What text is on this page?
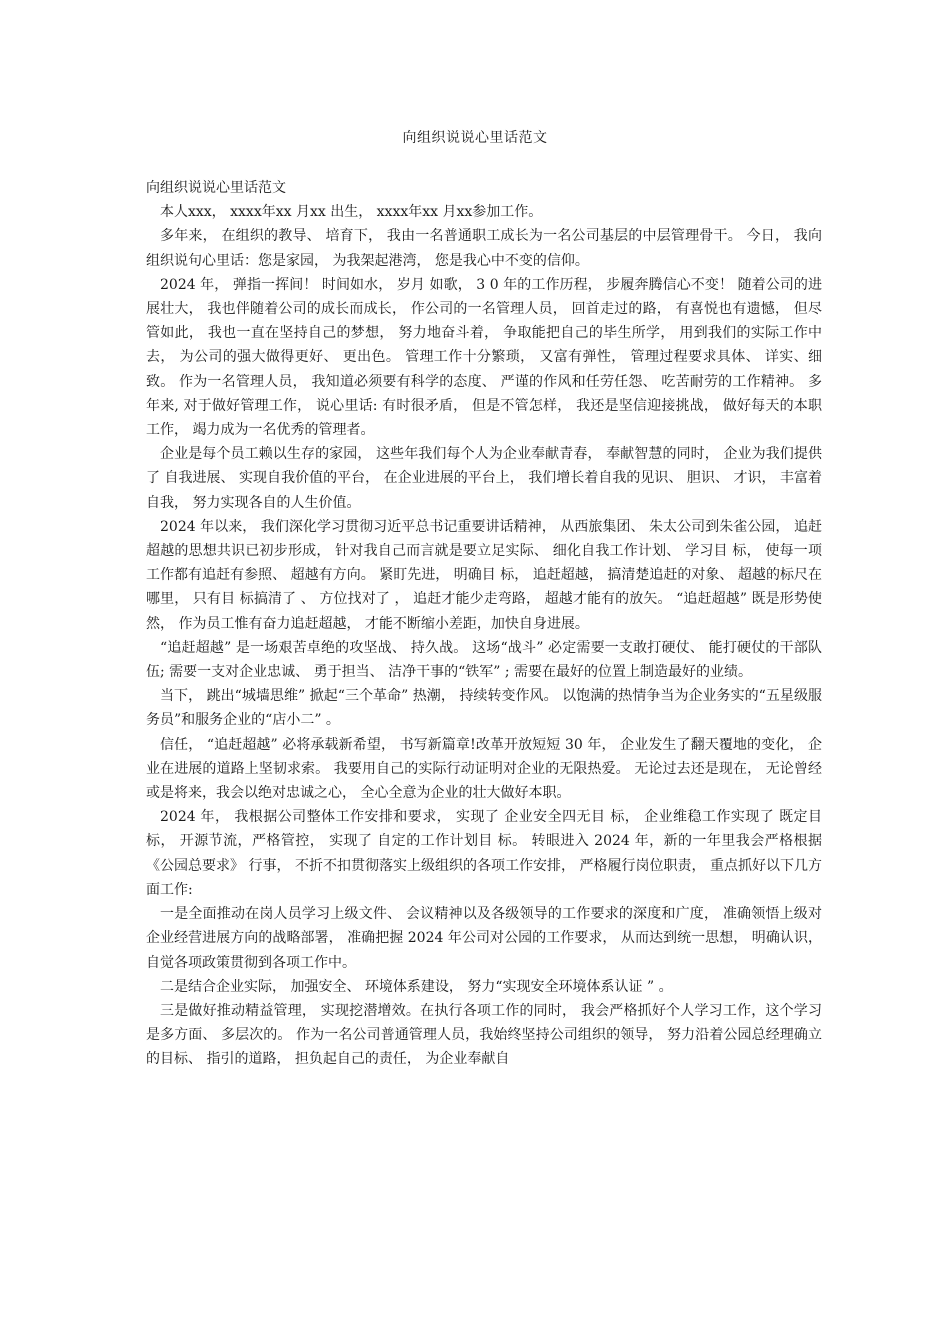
向组织说说心里话范文

向组织说说心里话范文

本人xxx， xxxx年xx 月xx 出生， xxxx年xx 月xx参加工作。

多年来， 在组织的教导、 培育下， 我由一名普通职工成长为一名公司基层的中层管理骨干。 今日， 我向组织说句心里话：您是家园， 为我架起港湾， 您是我心中不变的信仰。

2024 年， 弹指一挥间！ 时间如水， 岁月 如歌， 3 0 年的工作历程， 步履奔腾信心不变！ 随着公司的进展壮大， 我也伴随着公司的成长而成长， 作公司的一名管理人员， 回首走过的路， 有喜悦也有遗憾， 但尽管如此， 我也一直在坚持自己的梦想， 努力地奋斗着， 争取能把自己的毕生所学， 用到我们的实际工作中去， 为公司的强大做得更好、 更出色。 管理工作十分繁琐， 又富有弹性， 管理过程要求具体、 详实、细致。 作为一名管理人员， 我知道必须要有科学的态度、 严谨的作风和任劳任怨、 吃苦耐劳的工作精神。 多年来, 对于做好管理工作， 说心里话: 有时很矛盾， 但是不管怎样， 我还是坚信迎接挑战， 做好每天的本职工作， 竭力成为一名优秀的管理者。

企业是每个员工赖以生存的家园， 这些年我们每个人为企业奉献青春， 奉献智慧的同时， 企业为我们提供了 自我进展、 实现自我价值的平台， 在企业进展的平台上， 我们增长着自我的见识、 胆识、 才识， 丰富着自我， 努力实现各自的人生价值。

2024 年以来， 我们深化学习贯彻习近平总书记重要讲话精神， 从西旅集团、 朱太公司到朱雀公园， 追赶超越的思想共识已初步形成， 针对我自己而言就是要立足实际、 细化自我工作计划、 学习目 标， 使每一项工作都有追赶有参照、 超越有方向。 紧盯先进， 明确目 标， 追赶超越， 搞清楚追赶的对象、 超越的标尺在哪里， 只有目 标搞清了 、 方位找对了 ， 追赶才能少走弯路， 超越才能有的放矢。 “追赶超越” 既是形势使然， 作为员工惟有奋力追赶超越， 才能不断缩小差距，加快自身进展。

“追赶超越” 是一场艰苦卓绝的攻坚战、 持久战。 这场“战斗” 必定需要一支敢打硬仗、 能打硬仗的干部队伍; 需要一支对企业忠诚、 勇于担当、 洁净干事的“铁军” ; 需要在最好的位置上制造最好的业绩。

当下， 跳出“城墙思维” 掀起“三个革命” 热潮， 持续转变作风。 以饱满的热情争当为企业务实的“五星级服务员”和服务企业的“店小二” 。

信任， “追赶超越” 必将承载新希望， 书写新篇章!改革开放短短 30 年， 企业发生了翻天覆地的变化， 企业在进展的道路上坚韧求索。 我要用自己的实际行动证明对企业的无限热爱。 无论过去还是现在， 无论曾经或是将来，我会以绝对忠诚之心， 全心全意为企业的壮大做好本职。

2024 年， 我根据公司整体工作安排和要求， 实现了 企业安全四无目 标， 企业维稳工作实现了 既定目 标， 开源节流，严格管控， 实现了 自定的工作计划目 标。 转眼进入 2024 年，新的一年里我会严格根据《公园总要求》 行事， 不折不扣贯彻落实上级组织的各项工作安排， 严格履行岗位职责， 重点抓好以下几方面工作:

一是全面推动在岗人员学习上级文件、 会议精神以及各级领导的工作要求的深度和广度， 准确领悟上级对企业经营进展方向的战略部署， 准确把握 2024 年公司对公园的工作要求， 从而达到统一思想， 明确认识， 自觉各项政策贯彻到各项工作中。

二是结合企业实际， 加强安全、 环境体系建设， 努力“实现安全环境体系认证 ” 。

三是做好推动精益管理， 实现挖潜增效。在执行各项工作的同时， 我会严格抓好个人学习工作，这个学习是多方面、 多层次的。 作为一名公司普通管理人员，我始终坚持公司组织的领导， 努力沿着公园总经理确立的目标、 指引的道路， 担负起自己的责任， 为企业奉献自
